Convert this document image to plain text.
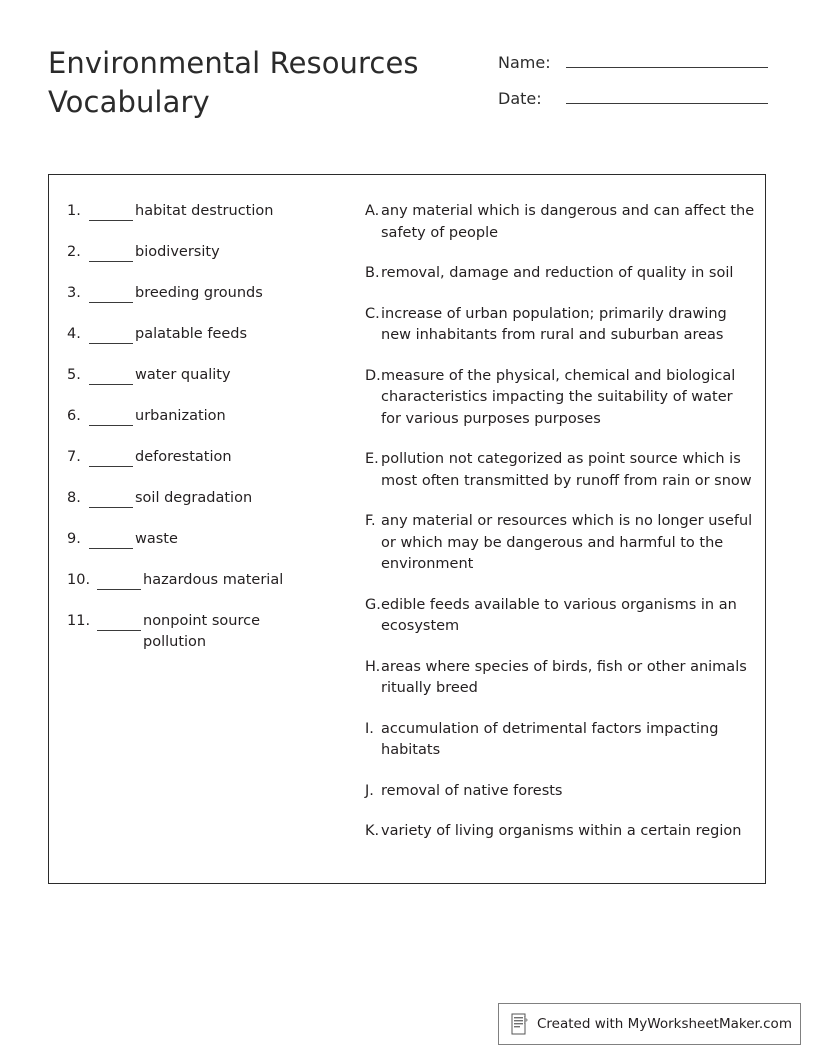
Environmental Resources Vocabulary
Name:
Date:
1.	habitat destruction
2.	biodiversity
3.	breeding grounds
4.	palatable feeds
5.	water quality
6.	urbanization
7.	deforestation
8.	soil degradation
9.	waste
10.	hazardous material
11.	nonpoint source pollution
A. any material which is dangerous and can affect the safety of people
B. removal, damage and reduction of quality in soil
C. increase of urban population; primarily drawing new inhabitants from rural and suburban areas
D. measure of the physical, chemical and biological characteristics impacting the suitability of water for various purposes purposes
E. pollution not categorized as point source which is most often transmitted by runoff from rain or snow
F. any material or resources which is no longer useful or which may be dangerous and harmful to the environment
G. edible feeds available to various organisms in an ecosystem
H. areas where species of birds, fish or other animals ritually breed
I. accumulation of detrimental factors impacting habitats
J. removal of native forests
K. variety of living organisms within a certain region
Created with MyWorksheetMaker.com
